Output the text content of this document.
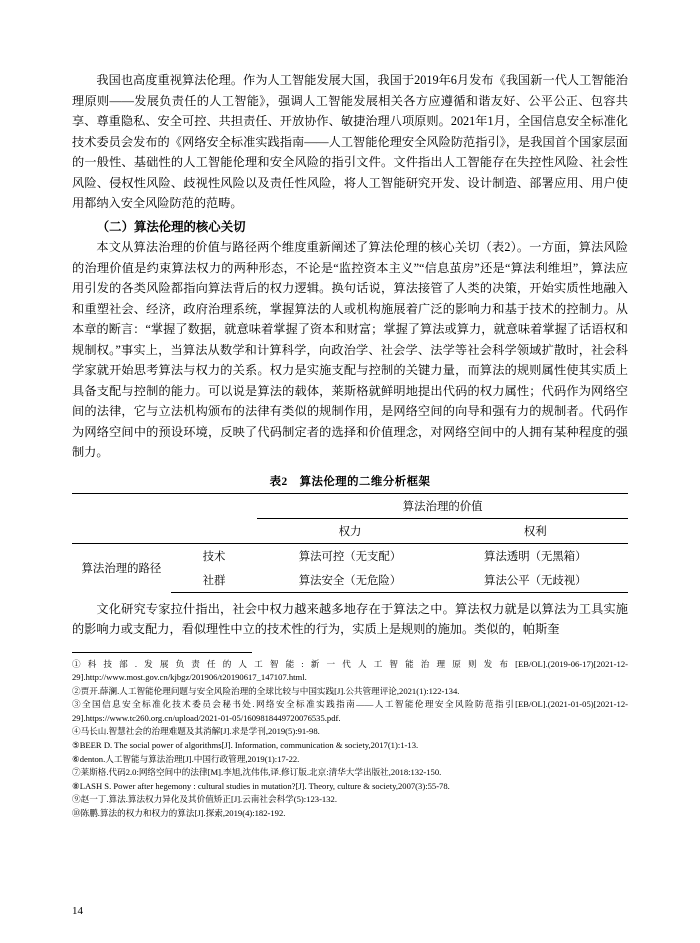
我国也高度重视算法伦理。作为人工智能发展大国，我国于2019年6月发布《我国新一代人工智能治理原则——发展负责任的人工智能》，强调人工智能发展相关各方应遵循和谐友好、公平公正、包容共享、尊重隐私、安全可控、共担责任、开放协作、敏捷治理八项原则。2021年1月，全国信息安全标准化技术委员会发布的《网络安全标准实践指南——人工智能伦理安全风险防范指引》，是我国首个国家层面的一般性、基础性的人工智能伦理和安全风险的指引文件。文件指出人工智能存在失控性风险、社会性风险、侵权性风险、歧视性风险以及责任性风险，将人工智能研究开发、设计制造、部署应用、用户使用都纳入安全风险防范的范畴。

（二）算法伦理的核心关切

本文从算法治理的价值与路径两个维度重新阐述了算法伦理的核心关切（表2）。一方面，算法风险的治理价值是约束算法权力的两种形态，不论是“监控资本主义”“信息茧房”还是“算法利维坦”，算法应用引发的各类风险都指向算法背后的权力逻辑。换句话说，算法接管了人类的决策，开始实质性地融入和重塑社会、经济，政府治理系统，掌握算法的人或机构施展着广泛的影响力和基于技术的控制力。从本章的断言：“掌握了数据，就意味着掌握了资本和财富；掌握了算法或算力，就意味着掌握了话语权和规制权。”事实上，当算法从数学和计算科学，向政治学、社会学、法学等社会科学领域扩散时，社会科学家就开始思考算法与权力的关系。权力是实施支配与控制的关键力量，而算法的规则属性使其实质上具备支配与控制的能力。可以说是算法的载体，莱斯格就鲜明地提出代码的权力属性；代码作为网络空间的法律，它与立法机构颁布的法律有类似的规制作用，是网络空间的向导和强有力的规制者。代码作为网络空间中的预设环境，反映了代码制定者的选择和价值理念，对网络空间中的人拥有某种程度的强制力。

表2　算法伦理的二维分析框架
		算法治理的价值	
		权力	权利
算法治理的路径	技术	算法可控（无支配）	算法透明（无黑箱）
	社群	算法安全（无危险）	算法公平（无歧视）

文化研究专家拉什指出，社会中权力越来越多地存在于算法之中。算法权力就是以算法为工具实施的影响力或支配力，看似理性中立的技术性的行为，实质上是规则的施加。类似的，帕斯奎

①科技部.发展负责任的人工智能:新一代人工智能治理原则发布[EB/OL].(2019-06-17)[2021-12-29].http://www.most.gov.cn/kjbgz/201906/t20190617_147107.html.

②贾开.薛澜.人工智能伦理问题与安全风险治理的全球比较与中国实践[J].公共管理评论,2021(1):122-134.

③全国信息安全标准化技术委员会秘书处.网络安全标准实践指南——人工智能伦理安全风险防范指引[EB/OL].(2021-01-05)[2021-12-29].https://www.tc260.org.cn/upload/2021-01-05/1609818449720076535.pdf.

④马长山.智慧社会的治理难题及其消解[J].求是学刊,2019(5):91-98.

⑤BEER D. The social power of algorithms[J]. Information, communication & society,2017(1):1-13.

⑥denton.人工智能与算法治理[J].中国行政管理,2019(1):17-22.

⑦莱斯格.代码2.0:网络空间中的法律[M].李旭,沈伟伟,译.修订版.北京:清华大学出版社,2018:132-150.

⑧LASH S. Power after hegemony : cultural studies in mutation?[J]. Theory, culture & society,2007(3):55-78.

⑨赵一丁.算法.算法权力异化及其价值矫正[J].云南社会科学(5):123-132.

⑩陈鹏.算法的权力和权力的算法[J].探索,2019(4):182-192.

14
